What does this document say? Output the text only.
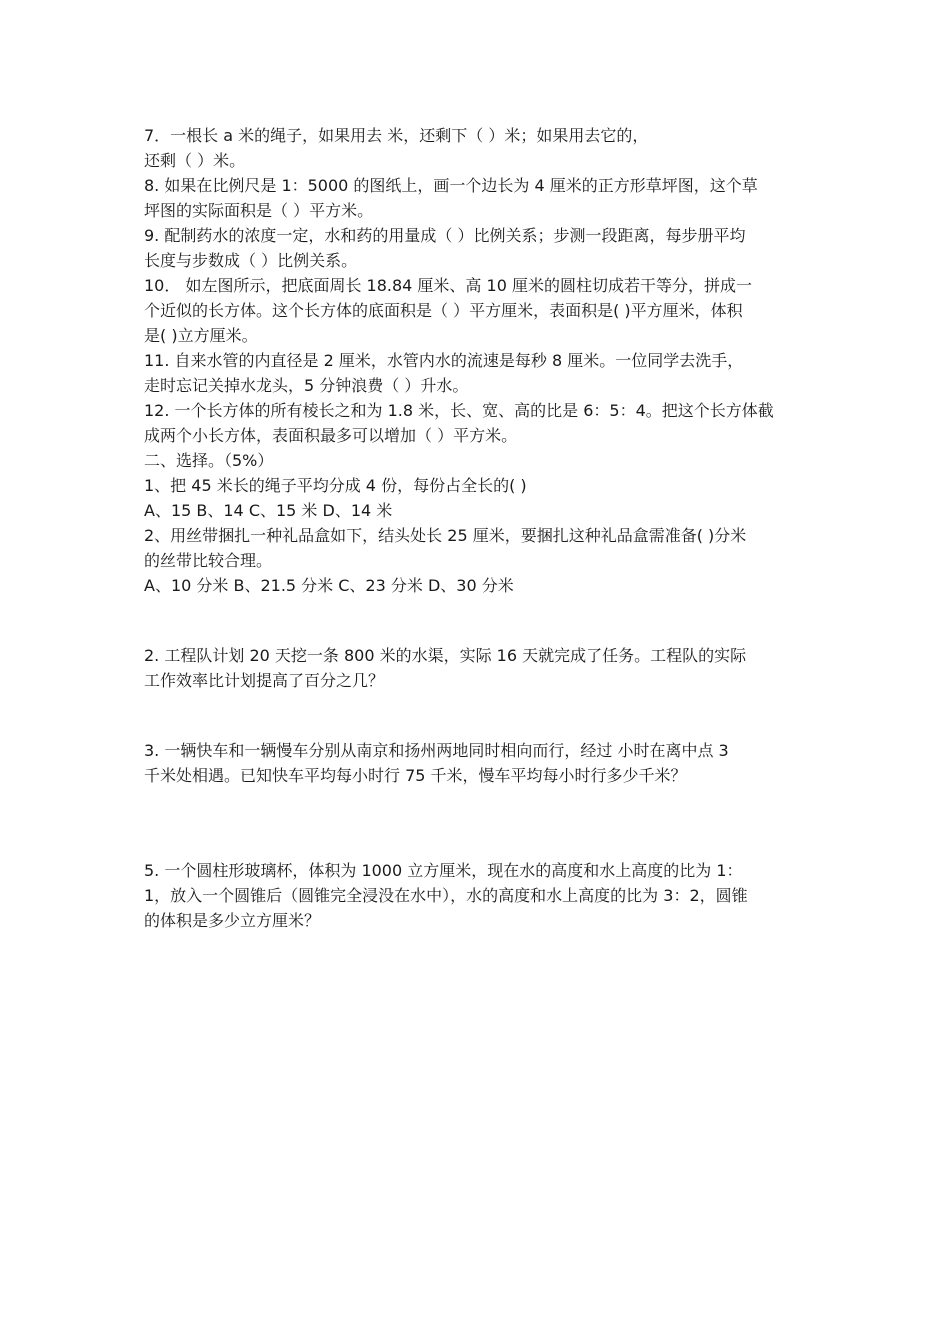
7．一根长 a 米的绳子，如果用去 米，还剩下（ ）米；如果用去它的，
还剩（ ）米。
8. 如果在比例尺是 1：5000 的图纸上，画一个边长为 4 厘米的正方形草坪图，这个草
坪图的实际面积是（ ）平方米。
9. 配制药水的浓度一定，水和药的用量成（ ）比例关系；步测一段距离，每步册平均
长度与步数成（ ）比例关系。
10． 如左图所示，把底面周长 18.84 厘米、高 10 厘米的圆柱切成若干等分，拼成一
个近似的长方体。这个长方体的底面积是（ ）平方厘米，表面积是( )平方厘米，体积
是( )立方厘米。
11. 自来水管的内直径是 2 厘米，水管内水的流速是每秒 8 厘米。一位同学去洗手，
走时忘记关掉水龙头，5 分钟浪费（ ）升水。
12. 一个长方体的所有棱长之和为 1.8 米，长、宽、高的比是 6：5：4。把这个长方体截
成两个小长方体，表面积最多可以增加（ ）平方米。
二、选择。（5%）
1、把 45 米长的绳子平均分成 4 份，每份占全长的( )
A、15 B、14 C、15 米 D、14 米
2、用丝带捆扎一种礼品盒如下，结头处长 25 厘米，要捆扎这种礼品盒需准备( )分米
的丝带比较合理。
A、10 分米 B、21.5 分米 C、23 分米 D、30 分米
2. 工程队计划 20 天挖一条 800 米的水渠，实际 16 天就完成了任务。工程队的实际
工作效率比计划提高了百分之几？
3. 一辆快车和一辆慢车分别从南京和扬州两地同时相向而行，经过 小时在离中点 3
千米处相遇。已知快车平均每小时行 75 千米，慢车平均每小时行多少千米？
5. 一个圆柱形玻璃杯，体积为 1000 立方厘米，现在水的高度和水上高度的比为 1：
1，放入一个圆锥后（圆锥完全浸没在水中），水的高度和水上高度的比为 3：2，圆锥
的体积是多少立方厘米？
